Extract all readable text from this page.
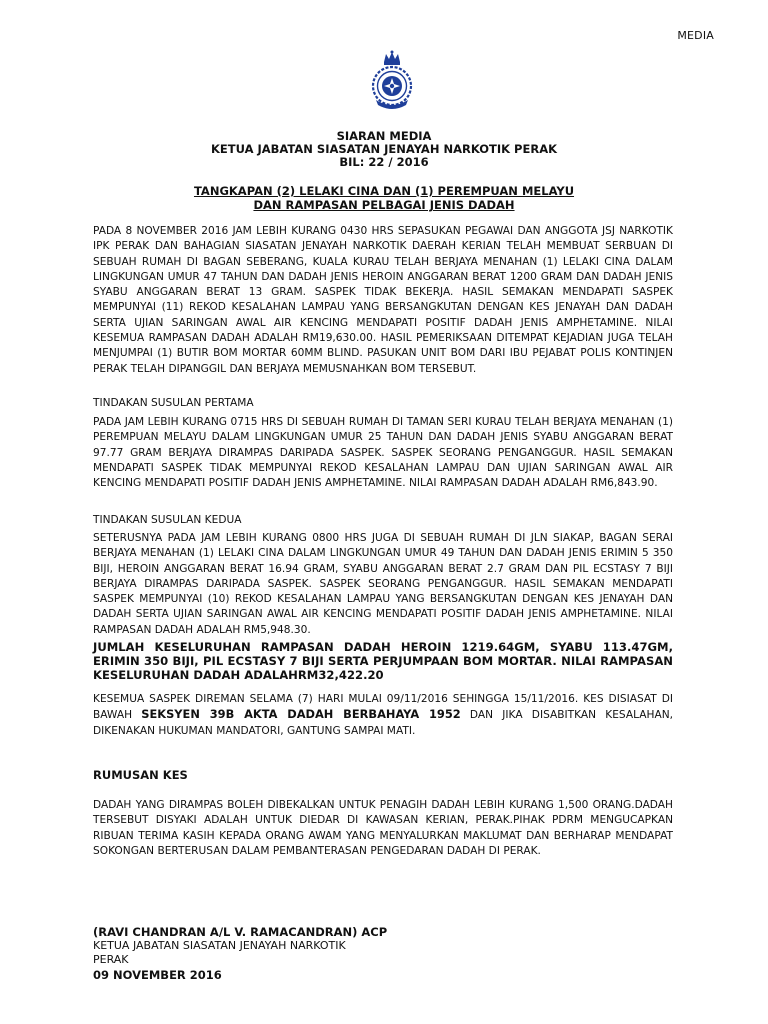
MEDIA
SIARAN MEDIA
KETUA JABATAN SIASATAN JENAYAH NARKOTIK PERAK
BIL: 22 / 2016
TANGKAPAN (2) LELAKI CINA DAN (1) PEREMPUAN MELAYU
DAN RAMPASAN PELBAGAI JENIS DADAH

PADA 8 NOVEMBER 2016 JAM LEBIH KURANG 0430 HRS SEPASUKAN PEGAWAI DAN ANGGOTA JSJ NARKOTIK IPK PERAK DAN BAHAGIAN SIASATAN JENAYAH NARKOTIK DAERAH KERIAN TELAH MEMBUAT SERBUAN DI SEBUAH RUMAH DI BAGAN SEBERANG, KUALA KURAU TELAH BERJAYA MENAHAN (1) LELAKI CINA DALAM LINGKUNGAN UMUR 47 TAHUN DAN DADAH JENIS HEROIN ANGGARAN BERAT 1200 GRAM DAN DADAH JENIS SYABU ANGGARAN BERAT 13 GRAM. SASPEK TIDAK BEKERJA. HASIL SEMAKAN MENDAPATI SASPEK MEMPUNYAI (11) REKOD KESALAHAN LAMPAU YANG BERSANGKUTAN DENGAN KES JENAYAH DAN DADAH SERTA UJIAN SARINGAN AWAL AIR KENCING MENDAPATI POSITIF DADAH JENIS AMPHETAMINE. NILAI KESEMUA RAMPASAN DADAH ADALAH RM19,630.00. HASIL PEMERIKSAAN DITEMPAT KEJADIAN JUGA TELAH MENJUMPAI (1) BUTIR BOM MORTAR 60MM BLIND. PASUKAN UNIT BOM DARI IBU PEJABAT POLIS KONTINJEN PERAK TELAH DIPANGGIL DAN BERJAYA MEMUSNAHKAN BOM TERSEBUT.

TINDAKAN SUSULAN PERTAMA

PADA JAM LEBIH KURANG 0715 HRS DI SEBUAH RUMAH DI TAMAN SERI KURAU TELAH BERJAYA MENAHAN (1) PEREMPUAN MELAYU DALAM LINGKUNGAN UMUR 25 TAHUN DAN DADAH JENIS SYABU ANGGARAN BERAT 97.77 GRAM BERJAYA DIRAMPAS DARIPADA SASPEK. SASPEK SEORANG PENGANGGUR. HASIL SEMAKAN MENDAPATI SASPEK TIDAK MEMPUNYAI REKOD KESALAHAN LAMPAU DAN UJIAN SARINGAN AWAL AIR KENCING MENDAPATI POSITIF DADAH JENIS AMPHETAMINE. NILAI RAMPASAN DADAH ADALAH RM6,843.90.

TINDAKAN SUSULAN KEDUA

SETERUSNYA PADA JAM LEBIH KURANG 0800 HRS JUGA DI SEBUAH RUMAH DI JLN SIAKAP, BAGAN SERAI BERJAYA MENAHAN (1) LELAKI CINA DALAM LINGKUNGAN UMUR 49 TAHUN DAN DADAH JENIS ERIMIN 5 350 BIJI, HEROIN ANGGARAN BERAT 16.94 GRAM, SYABU ANGGARAN BERAT 2.7 GRAM DAN PIL ECSTASY 7 BIJI BERJAYA DIRAMPAS DARIPADA SASPEK. SASPEK SEORANG PENGANGGUR. HASIL SEMAKAN MENDAPATI SASPEK MEMPUNYAI (10) REKOD KESALAHAN LAMPAU YANG BERSANGKUTAN DENGAN KES JENAYAH DAN DADAH SERTA UJIAN SARINGAN AWAL AIR KENCING MENDAPATI POSITIF DADAH JENIS AMPHETAMINE. NILAI RAMPASAN DADAH ADALAH RM5,948.30.

JUMLAH KESELURUHAN RAMPASAN DADAH HEROIN 1219.64GM, SYABU 113.47GM, ERIMIN 350 BIJI, PIL ECSTASY 7 BIJI SERTA PERJUMPAAN BOM MORTAR. NILAI RAMPASAN KESELURUHAN DADAH ADALAHRM32,422.20

KESEMUA SASPEK DIREMAN SELAMA (7) HARI MULAI 09/11/2016 SEHINGGA 15/11/2016. KES DISIASAT DI BAWAH SEKSYEN 39B AKTA DADAH BERBAHAYA 1952 DAN JIKA DISABITKAN KESALAHAN, DIKENAKAN HUKUMAN MANDATORI, GANTUNG SAMPAI MATI.

RUMUSAN KES

DADAH YANG DIRAMPAS BOLEH DIBEKALKAN UNTUK PENAGIH DADAH LEBIH KURANG 1,500 ORANG.DADAH TERSEBUT DISYAKI ADALAH UNTUK DIEDAR DI KAWASAN KERIAN, PERAK.PIHAK PDRM MENGUCAPKAN RIBUAN TERIMA KASIH KEPADA ORANG AWAM YANG MENYALURKAN MAKLUMAT DAN BERHARAP MENDAPAT SOKONGAN BERTERUSAN DALAM PEMBANTERASAN PENGEDARAN DADAH DI PERAK.

(RAVI CHANDRAN A/L V. RAMACANDRAN) ACP
KETUA JABATAN SIASATAN JENAYAH NARKOTIK
PERAK
09 NOVEMBER 2016
